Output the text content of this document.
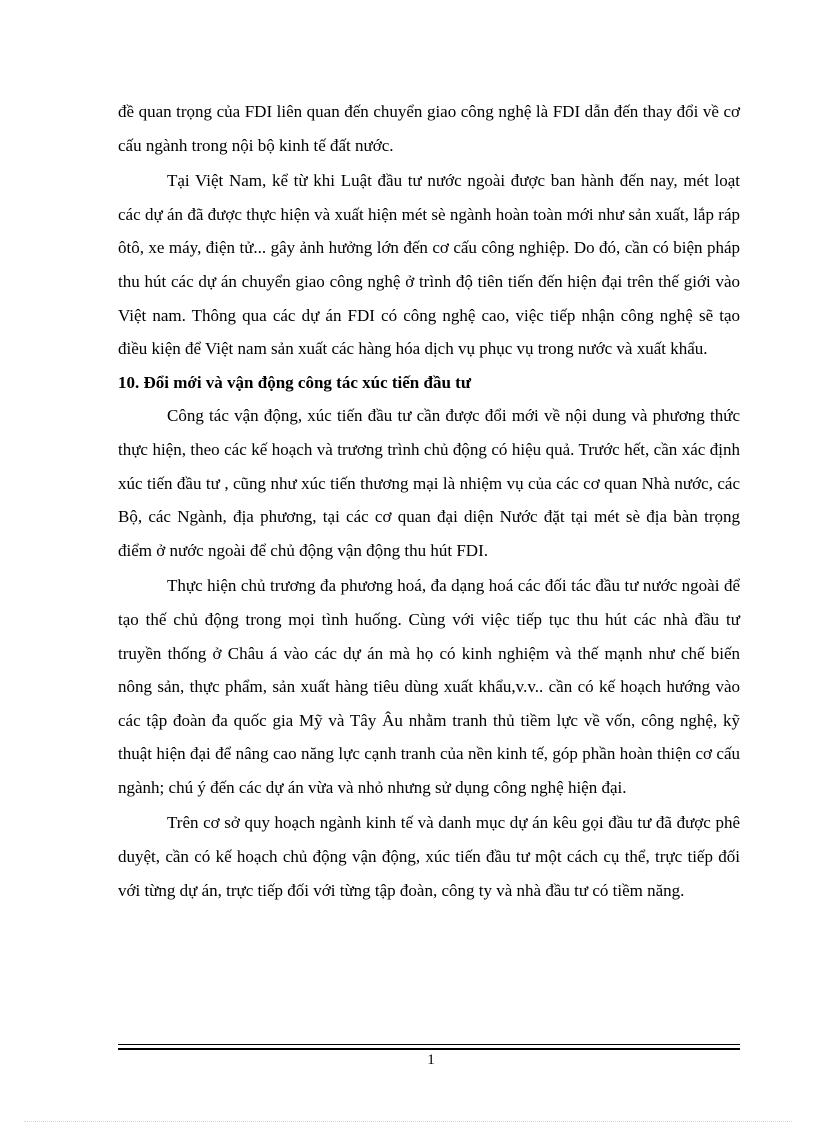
đề quan trọng của FDI liên quan đến chuyển giao công nghệ là FDI dẫn đến thay đổi về cơ cấu ngành trong nội bộ kinh tế đất nước.

Tại Việt Nam, kể từ khi Luật đầu tư nước ngoài được ban hành đến nay, mét loạt các dự án đã được thực hiện và xuất hiện mét sè ngành hoàn toàn mới như sản xuất, lắp ráp ôtô, xe máy, điện tử... gây ảnh hưởng lớn đến cơ cấu công nghiệp. Do đó, cần có biện pháp thu hút các dự án chuyển giao công nghệ ở trình độ tiên tiến đến hiện đại trên thế giới vào Việt nam. Thông qua các dự án FDI có công nghệ cao, việc tiếp nhận công nghệ sẽ tạo điều kiện để Việt nam sản xuất các hàng hóa dịch vụ phục vụ trong nước và xuất khẩu.

10. Đổi mới và vận động công tác xúc tiến đầu tư

Công tác vận động, xúc tiến đầu tư cần được đổi mới về nội dung và phương thức thực hiện, theo các kế hoạch và trương trình chủ động có hiệu quả. Trước hết, cần xác định xúc tiến đầu tư , cũng như xúc tiến thương mại là nhiệm vụ của các cơ quan Nhà nước, các Bộ, các Ngành, địa phương, tại các cơ quan đại diện Nước đặt tại mét sè địa bàn trọng điểm ở nước ngoài để chủ động vận động thu hút FDI.

Thực hiện chủ trương đa phương hoá, đa dạng hoá các đối tác đầu tư nước ngoài để tạo thế chủ động trong mọi tình huống. Cùng với việc tiếp tục thu hút các nhà đầu tư truyền thống ở Châu á vào các dự án mà họ có kinh nghiệm và thế mạnh như chế biến nông sản, thực phẩm, sản xuất hàng tiêu dùng xuất khẩu,v.v.. cần có kế hoạch hướng vào các tập đoàn đa quốc gia Mỹ và Tây Âu nhằm tranh thủ tiềm lực về vốn, công nghệ, kỹ thuật hiện đại để nâng cao năng lực cạnh tranh của nền kinh tế, góp phần hoàn thiện cơ cấu ngành; chú ý đến các dự án vừa và nhỏ nhưng sử dụng công nghệ hiện đại.

Trên cơ sở quy hoạch ngành kinh tế và danh mục dự án kêu gọi đầu tư đã được phê duyệt, cần có kế hoạch chủ động vận động, xúc tiến đầu tư một cách cụ thể, trực tiếp đối với từng dự án, trực tiếp đối với từng tập đoàn, công ty và nhà đầu tư có tiềm năng.

1
